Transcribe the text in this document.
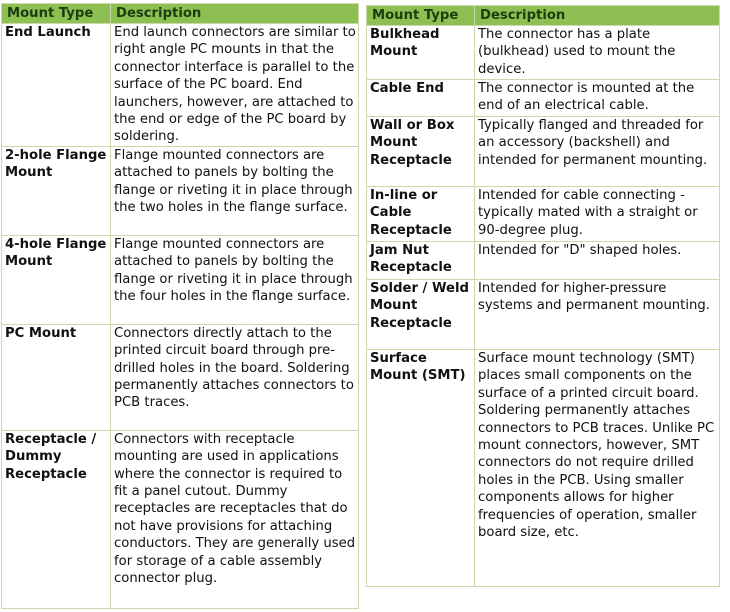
Mount Type	Description

End Launch	End launch connectors are similar to right angle PC mounts in that the connector interface is parallel to the surface of the PC board. End launchers, however, are attached to the end or edge of the PC board by soldering.

2-hole Flange Mount	Flange mounted connectors are attached to panels by bolting the flange or riveting it in place through the two holes in the flange surface.

4-hole Flange Mount	Flange mounted connectors are attached to panels by bolting the flange or riveting it in place through the four holes in the flange surface.

PC Mount	Connectors directly attach to the printed circuit board through pre-drilled holes in the board. Soldering permanently attaches connectors to PCB traces.

Receptacle / Dummy Receptacle	Connectors with receptacle mounting are used in applications where the connector is required to fit a panel cutout. Dummy receptacles are receptacles that do not have provisions for attaching conductors. They are generally used for storage of a cable assembly connector plug.
Mount Type	Description

Bulkhead Mount	The connector has a plate (bulkhead) used to mount the device.

Cable End	The connector is mounted at the end of an electrical cable.

Wall or Box Mount Receptacle	Typically flanged and threaded for an accessory (backshell) and intended for permanent mounting.

In-line or Cable Receptacle	Intended for cable connecting - typically mated with a straight or 90-degree plug.

Jam Nut Receptacle	Intended for "D" shaped holes.

Solder / Weld Mount Receptacle	Intended for higher-pressure systems and permanent mounting.

Surface Mount (SMT)	Surface mount technology (SMT) places small components on the surface of a printed circuit board. Soldering permanently attaches connectors to PCB traces. Unlike PC mount connectors, however, SMT connectors do not require drilled holes in the PCB. Using smaller components allows for higher frequencies of operation, smaller board size, etc.
